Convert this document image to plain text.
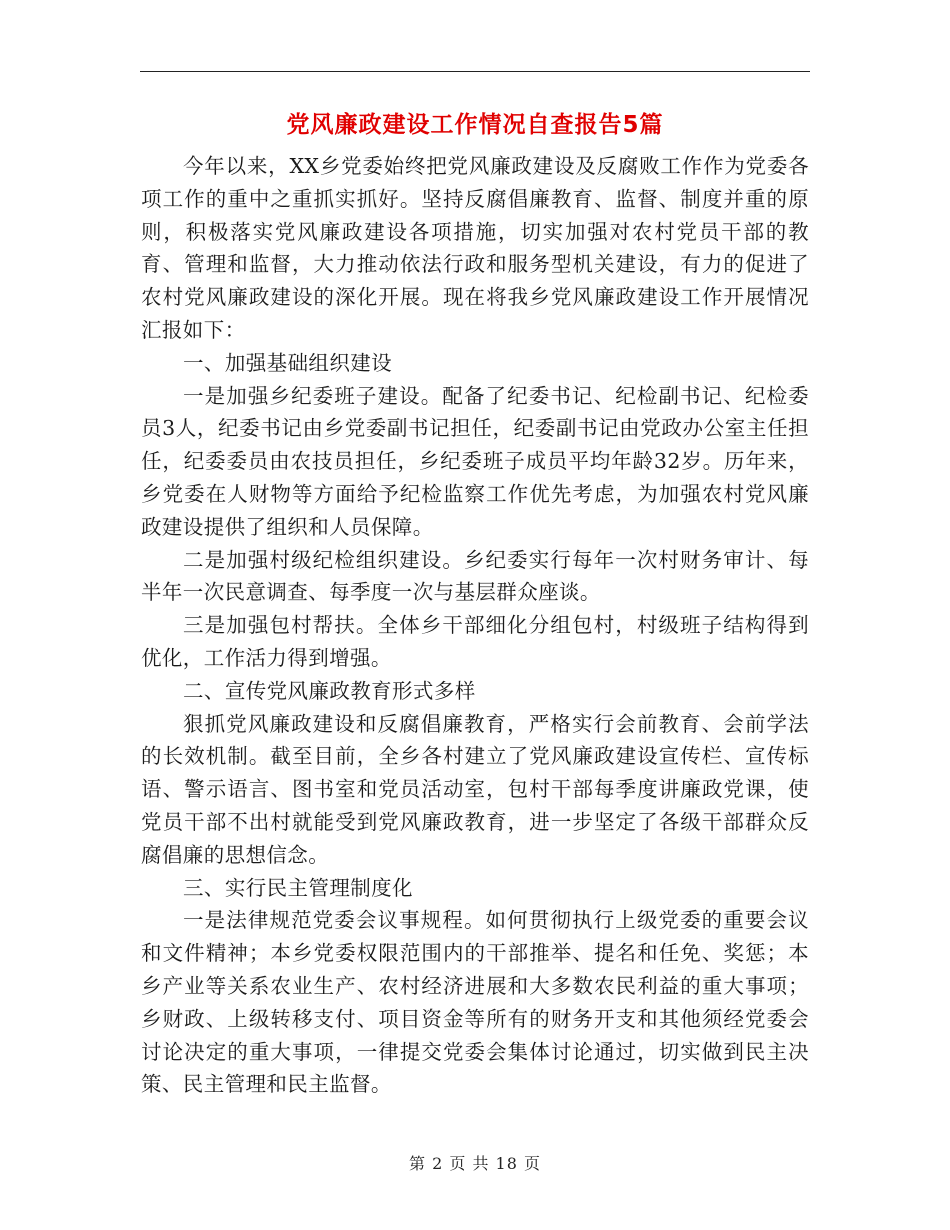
党风廉政建设工作情况自查报告5篇

今年以来，XX乡党委始终把党风廉政建设及反腐败工作作为党委各项工作的重中之重抓实抓好。坚持反腐倡廉教育、监督、制度并重的原则，积极落实党风廉政建设各项措施，切实加强对农村党员干部的教育、管理和监督，大力推动依法行政和服务型机关建设，有力的促进了农村党风廉政建设的深化开展。现在将我乡党风廉政建设工作开展情况汇报如下：

一、加强基础组织建设

一是加强乡纪委班子建设。配备了纪委书记、纪检副书记、纪检委员3人，纪委书记由乡党委副书记担任，纪委副书记由党政办公室主任担任，纪委委员由农技员担任，乡纪委班子成员平均年龄32岁。历年来，乡党委在人财物等方面给予纪检监察工作优先考虑，为加强农村党风廉政建设提供了组织和人员保障。

二是加强村级纪检组织建设。乡纪委实行每年一次村财务审计、每半年一次民意调查、每季度一次与基层群众座谈。

三是加强包村帮扶。全体乡干部细化分组包村，村级班子结构得到优化，工作活力得到增强。

二、宣传党风廉政教育形式多样

狠抓党风廉政建设和反腐倡廉教育，严格实行会前教育、会前学法的长效机制。截至目前，全乡各村建立了党风廉政建设宣传栏、宣传标语、警示语言、图书室和党员活动室，包村干部每季度讲廉政党课，使党员干部不出村就能受到党风廉政教育，进一步坚定了各级干部群众反腐倡廉的思想信念。

三、实行民主管理制度化

一是法律规范党委会议事规程。如何贯彻执行上级党委的重要会议和文件精神；本乡党委权限范围内的干部推举、提名和任免、奖惩；本乡产业等关系农业生产、农村经济进展和大多数农民利益的重大事项；乡财政、上级转移支付、项目资金等所有的财务开支和其他须经党委会讨论决定的重大事项，一律提交党委会集体讨论通过，切实做到民主决策、民主管理和民主监督。

第 2 页 共 18 页
